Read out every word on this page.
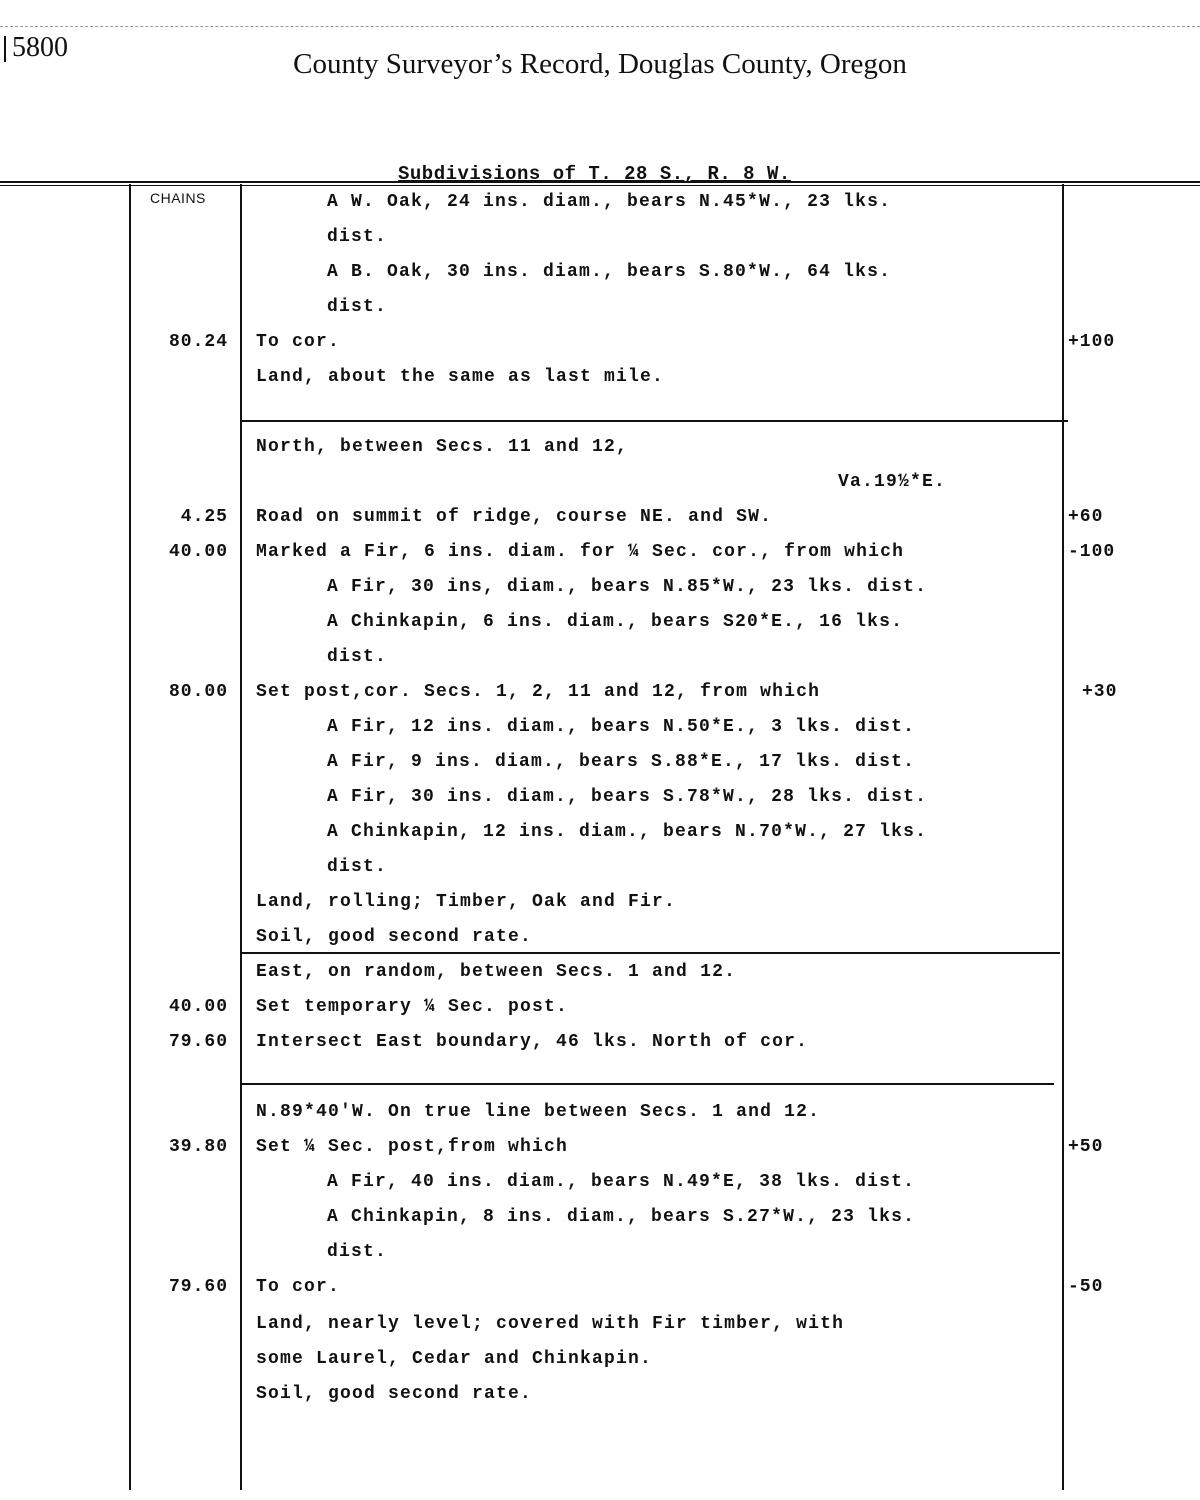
5800
County Surveyor’s Record, Douglas County, Oregon
Subdivisions of T. 28 S., R. 8 W.
CHAINS	A W. Oak, 24 ins. diam., bears N.45*W., 23 lks.
dist.
A B. Oak, 30 ins. diam., bears S.80*W., 64 lks.
dist.
To cor.
Land, about the same as last mile.
North, between Secs. 11 and 12,
Va.19½*E.
Road on summit of ridge, course NE. and SW.
Marked a Fir, 6 ins. diam. for ¼ Sec. cor., from which
A Fir, 30 ins, diam., bears N.85*W., 23 lks. dist.
A Chinkapin, 6 ins. diam., bears S20*E., 16 lks.
dist.
Set post,cor. Secs. 1, 2, 11 and 12, from which
A Fir, 12 ins. diam., bears N.50*E., 3 lks. dist.
A Fir, 9 ins. diam., bears S.88*E., 17 lks. dist.
A Fir, 30 ins. diam., bears S.78*W., 28 lks. dist.
A Chinkapin, 12 ins. diam., bears N.70*W., 27 lks.
dist.
Land, rolling; Timber, Oak and Fir.
Soil, good second rate.
East, on random, between Secs. 1 and 12.
Set temporary ¼ Sec. post.
Intersect East boundary, 46 lks. North of cor.
N.89*40'W. On true line between Secs. 1 and 12.
Set ¼ Sec. post,from which
A Fir, 40 ins. diam., bears N.49*E, 38 lks. dist.
A Chinkapin, 8 ins. diam., bears S.27*W., 23 lks.
dist.
To cor.
Land, nearly level; covered with Fir timber, with
some Laurel, Cedar and Chinkapin.
Soil, good second rate.
80.24
4.25
40.00
80.00
40.00
79.60
39.80
79.60
+100
+60
-100
+30
+50
-50
